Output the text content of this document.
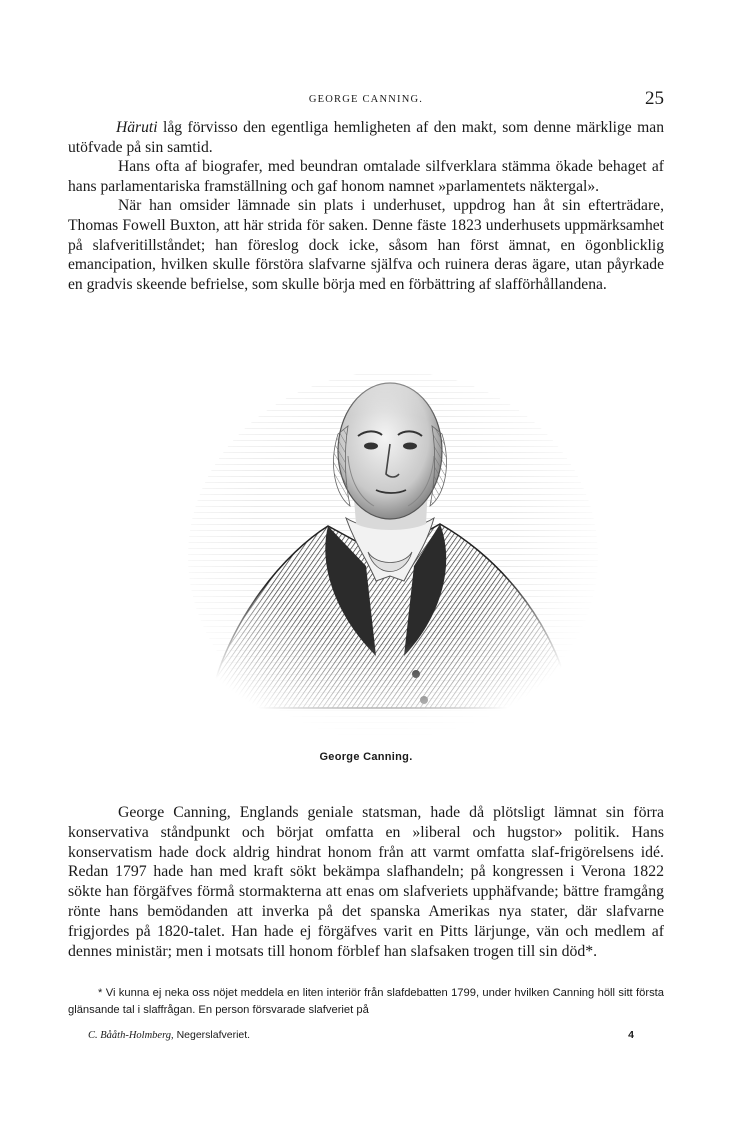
GEORGE CANNING.	25

Häruti låg förvisso den egentliga hemligheten af den makt, som denne märklige man utöfvade på sin samtid.

Hans ofta af biografer, med beundran omtalade silfverklara stämma ökade behaget af hans parlamentariska framställning och gaf honom namnet »parlamentets näktergal».

När han omsider lämnade sin plats i underhuset, uppdrog han åt sin efterträdare, Thomas Fowell Buxton, att här strida för saken. Denne fäste 1823 underhusets uppmärksamhet på slafveritillståndet; han föreslog dock icke, såsom han först ämnat, en ögonblicklig emancipation, hvilken skulle förstöra slafvarne själfva och ruinera deras ägare, utan påyrkade en gradvis skeende befrielse, som skulle börja med en förbättring af slafförhållandena.

George Canning.

George Canning, Englands geniale statsman, hade då plötsligt lämnat sin förra konservativa ståndpunkt och börjat omfatta en »liberal och hugstor» politik. Hans konservatism hade dock aldrig hindrat honom från att varmt omfatta slaf-frigörelsens idé. Redan 1797 hade han med kraft sökt bekämpa slafhandeln; på kongressen i Verona 1822 sökte han förgäfves förmå stormakterna att enas om slafveriets upphäfvande; bättre framgång rönte hans bemödanden att inverka på det spanska Amerikas nya stater, där slafvarne frigjordes på 1820-talet. Han hade ej förgäfves varit en Pitts lärjunge, vän och medlem af dennes ministär; men i motsats till honom förblef han slafsaken trogen till sin död*.

* Vi kunna ej neka oss nöjet meddela en liten interiör från slafdebatten 1799, under hvilken Canning höll sitt första glänsande tal i slaffrågan. En person försvarade slafveriet på

C. Bååth-Holmberg, Negerslafveriet.	4
